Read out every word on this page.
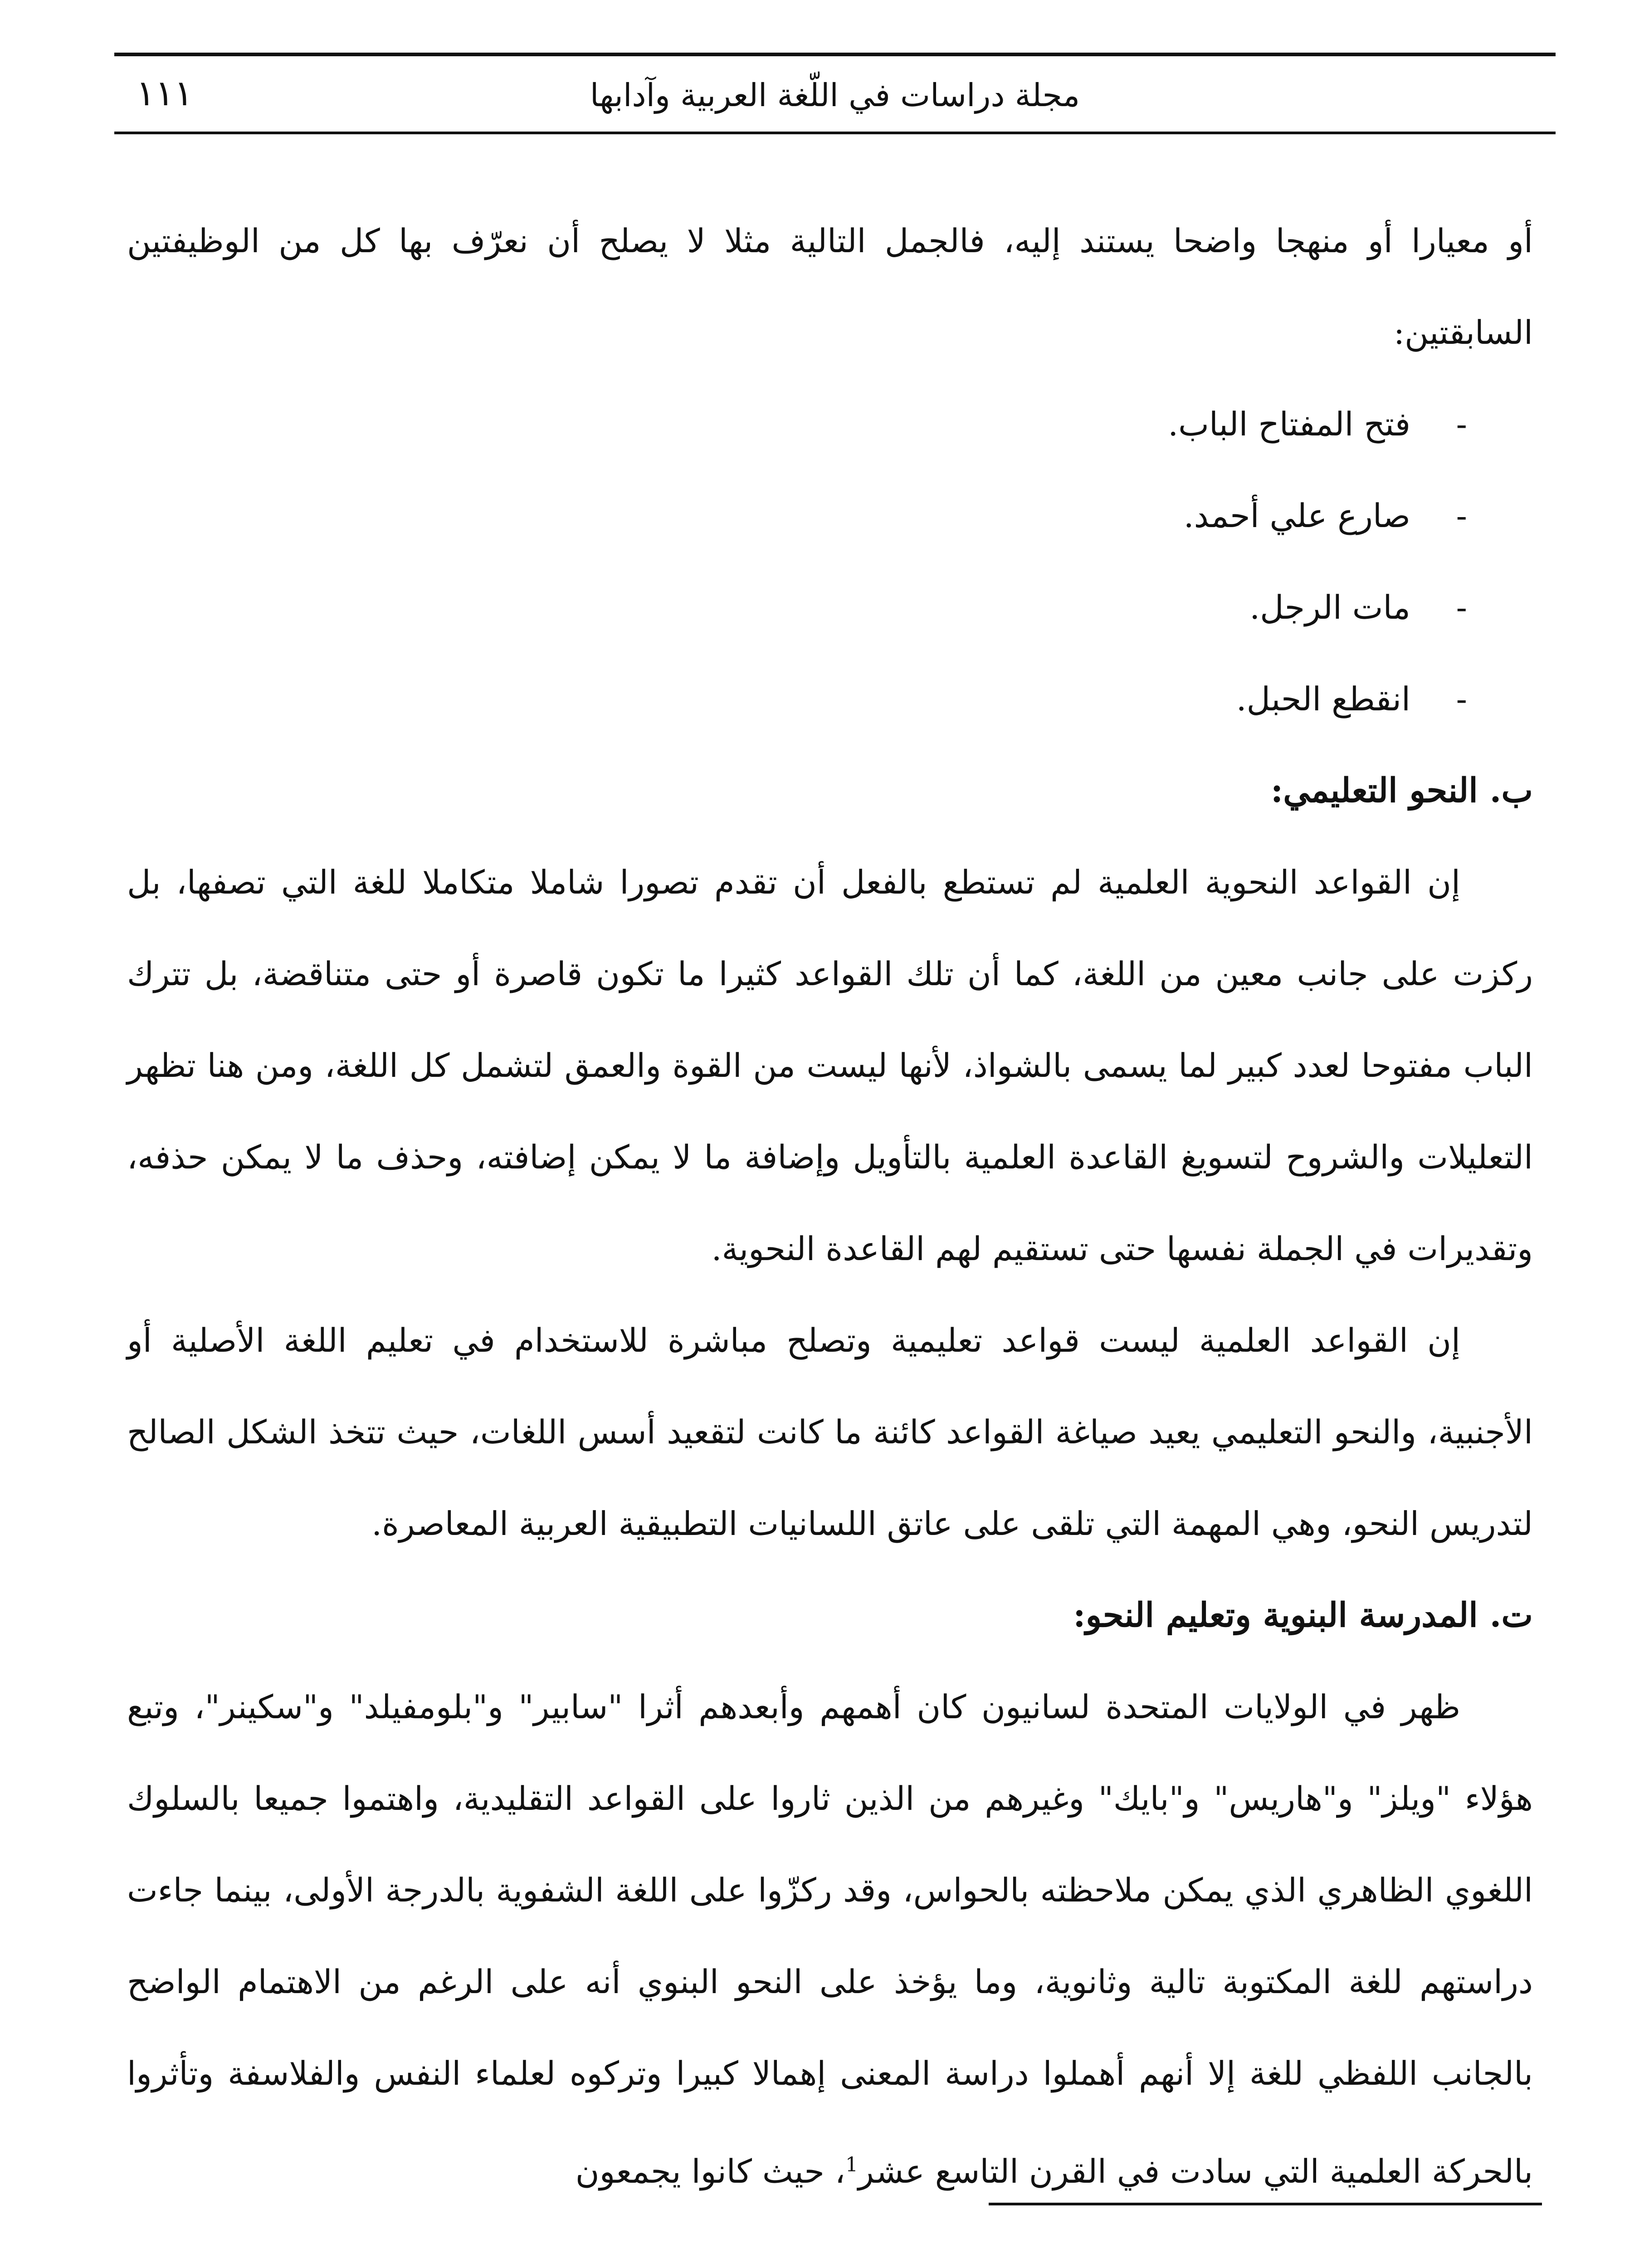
١١١	مجلة دراسات في اللّغة العربية وآدابها

أو معيارا أو منهجا واضحا يستند إليه، فالجمل التالية مثلا لا يصلح أن نعرّف بها كل من الوظيفتين السابقتين:

-
فتح المفتاح الباب.
-
صارع علي أحمد.
-
مات الرجل.
-
انقطع الحبل.

ب. النحو التعليمي:

إن القواعد النحوية العلمية لم تستطع بالفعل أن تقدم تصورا شاملا متكاملا للغة التي تصفها، بل ركزت على جانب معين من اللغة، كما أن تلك القواعد كثيرا ما تكون قاصرة أو حتى متناقضة، بل تترك الباب مفتوحا لعدد كبير لما يسمى بالشواذ، لأنها ليست من القوة والعمق لتشمل كل اللغة، ومن هنا تظهر التعليلات والشروح لتسويغ القاعدة العلمية بالتأويل وإضافة ما لا يمكن إضافته، وحذف ما لا يمكن حذفه، وتقديرات في الجملة نفسها حتى تستقيم لهم القاعدة النحوية.

إن القواعد العلمية ليست قواعد تعليمية وتصلح مباشرة للاستخدام في تعليم اللغة الأصلية أو الأجنبية، والنحو التعليمي يعيد صياغة القواعد كائنة ما كانت لتقعيد أسس اللغات، حيث تتخذ الشكل الصالح لتدريس النحو، وهي المهمة التي تلقى على عاتق اللسانيات التطبيقية العربية المعاصرة.

ت. المدرسة البنوية وتعليم النحو:

ظهر في الولايات المتحدة لسانيون كان أهمهم وأبعدهم أثرا "سابير" و"بلومفيلد" و"سكينر"، وتبع هؤلاء "ويلز" و"هاريس" و"بايك" وغيرهم من الذين ثاروا على القواعد التقليدية، واهتموا جميعا بالسلوك اللغوي الظاهري الذي يمكن ملاحظته بالحواس، وقد ركزّوا على اللغة الشفوية بالدرجة الأولى، بينما جاءت دراستهم للغة المكتوبة تالية وثانوية، وما يؤخذ على النحو البنوي أنه على الرغم من الاهتمام الواضح بالجانب اللفظي للغة إلا أنهم أهملوا دراسة المعنى إهمالا كبيرا وتركوه لعلماء النفس والفلاسفة وتأثروا بالحركة العلمية التي سادت في القرن التاسع عشر$^1$، حيث كانوا يجمعون
